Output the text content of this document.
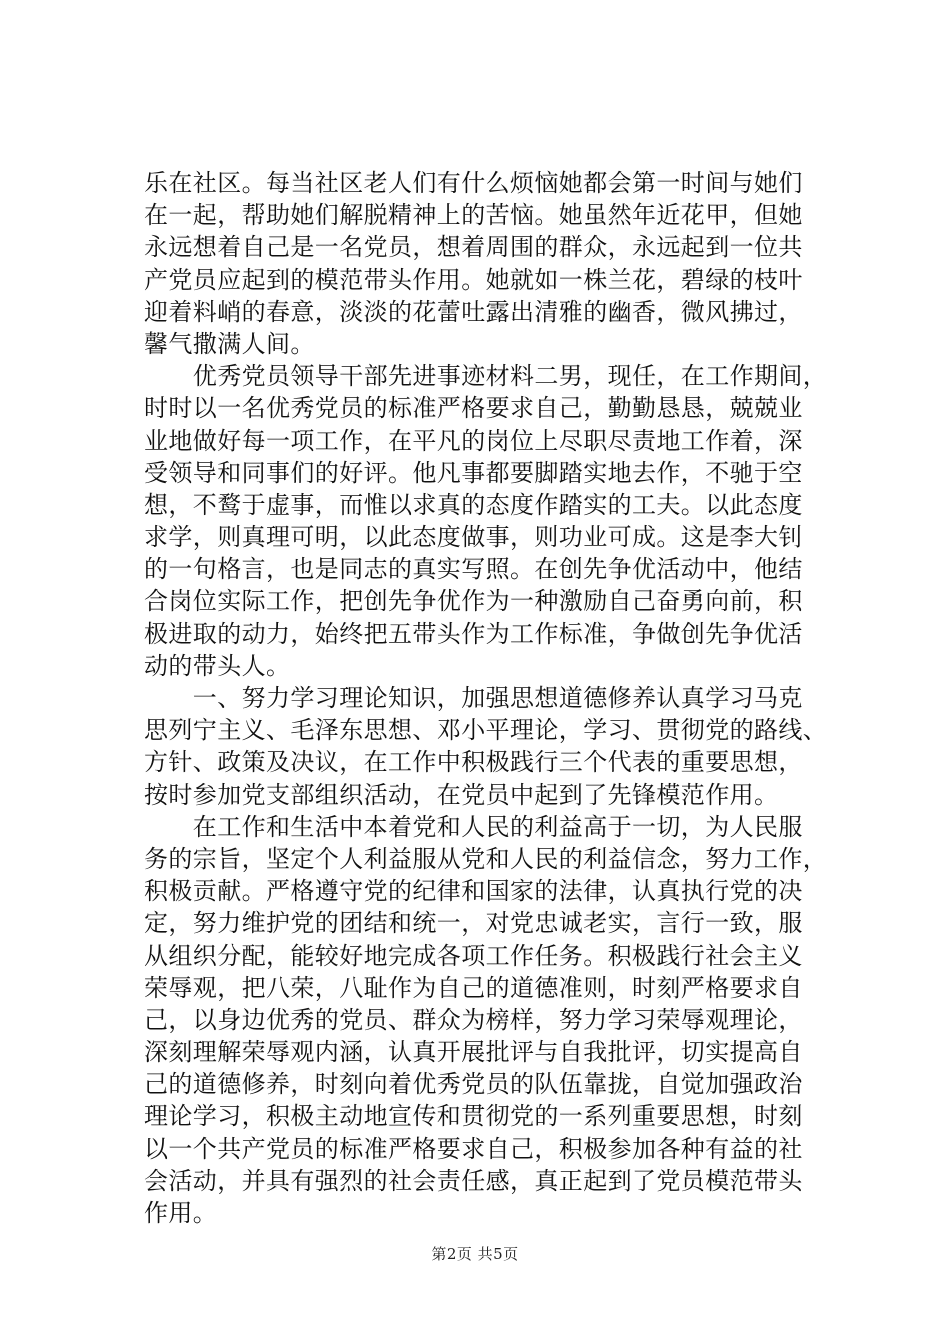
乐在社区。每当社区老人们有什么烦恼她都会第一时间与她们
在一起，帮助她们解脱精神上的苦恼。她虽然年近花甲，但她
永远想着自己是一名党员，想着周围的群众，永远起到一位共
产党员应起到的模范带头作用。她就如一株兰花，碧绿的枝叶
迎着料峭的春意，淡淡的花蕾吐露出清雅的幽香，微风拂过，
馨气撒满人间。
　　优秀党员领导干部先进事迹材料二男，现任，在工作期间，
时时以一名优秀党员的标准严格要求自己，勤勤恳恳，兢兢业
业地做好每一项工作，在平凡的岗位上尽职尽责地工作着，深
受领导和同事们的好评。他凡事都要脚踏实地去作，不驰于空
想，不鹜于虚事，而惟以求真的态度作踏实的工夫。以此态度
求学，则真理可明，以此态度做事，则功业可成。这是李大钊
的一句格言，也是同志的真实写照。在创先争优活动中，他结
合岗位实际工作，把创先争优作为一种激励自己奋勇向前，积
极进取的动力，始终把五带头作为工作标准，争做创先争优活
动的带头人。
　　一、努力学习理论知识，加强思想道德修养认真学习马克
思列宁主义、毛泽东思想、邓小平理论，学习、贯彻党的路线、
方针、政策及决议，在工作中积极践行三个代表的重要思想，
按时参加党支部组织活动，在党员中起到了先锋模范作用。
　　在工作和生活中本着党和人民的利益高于一切，为人民服
务的宗旨，坚定个人利益服从党和人民的利益信念，努力工作，
积极贡献。严格遵守党的纪律和国家的法律，认真执行党的决
定，努力维护党的团结和统一，对党忠诚老实，言行一致，服
从组织分配，能较好地完成各项工作任务。积极践行社会主义
荣辱观，把八荣，八耻作为自己的道德准则，时刻严格要求自
己，以身边优秀的党员、群众为榜样，努力学习荣辱观理论，
深刻理解荣辱观内涵，认真开展批评与自我批评，切实提高自
己的道德修养，时刻向着优秀党员的队伍靠拢，自觉加强政治
理论学习，积极主动地宣传和贯彻党的一系列重要思想，时刻
以一个共产党员的标准严格要求自己，积极参加各种有益的社
会活动，并具有强烈的社会责任感，真正起到了党员模范带头
作用。
第2页 共5页
